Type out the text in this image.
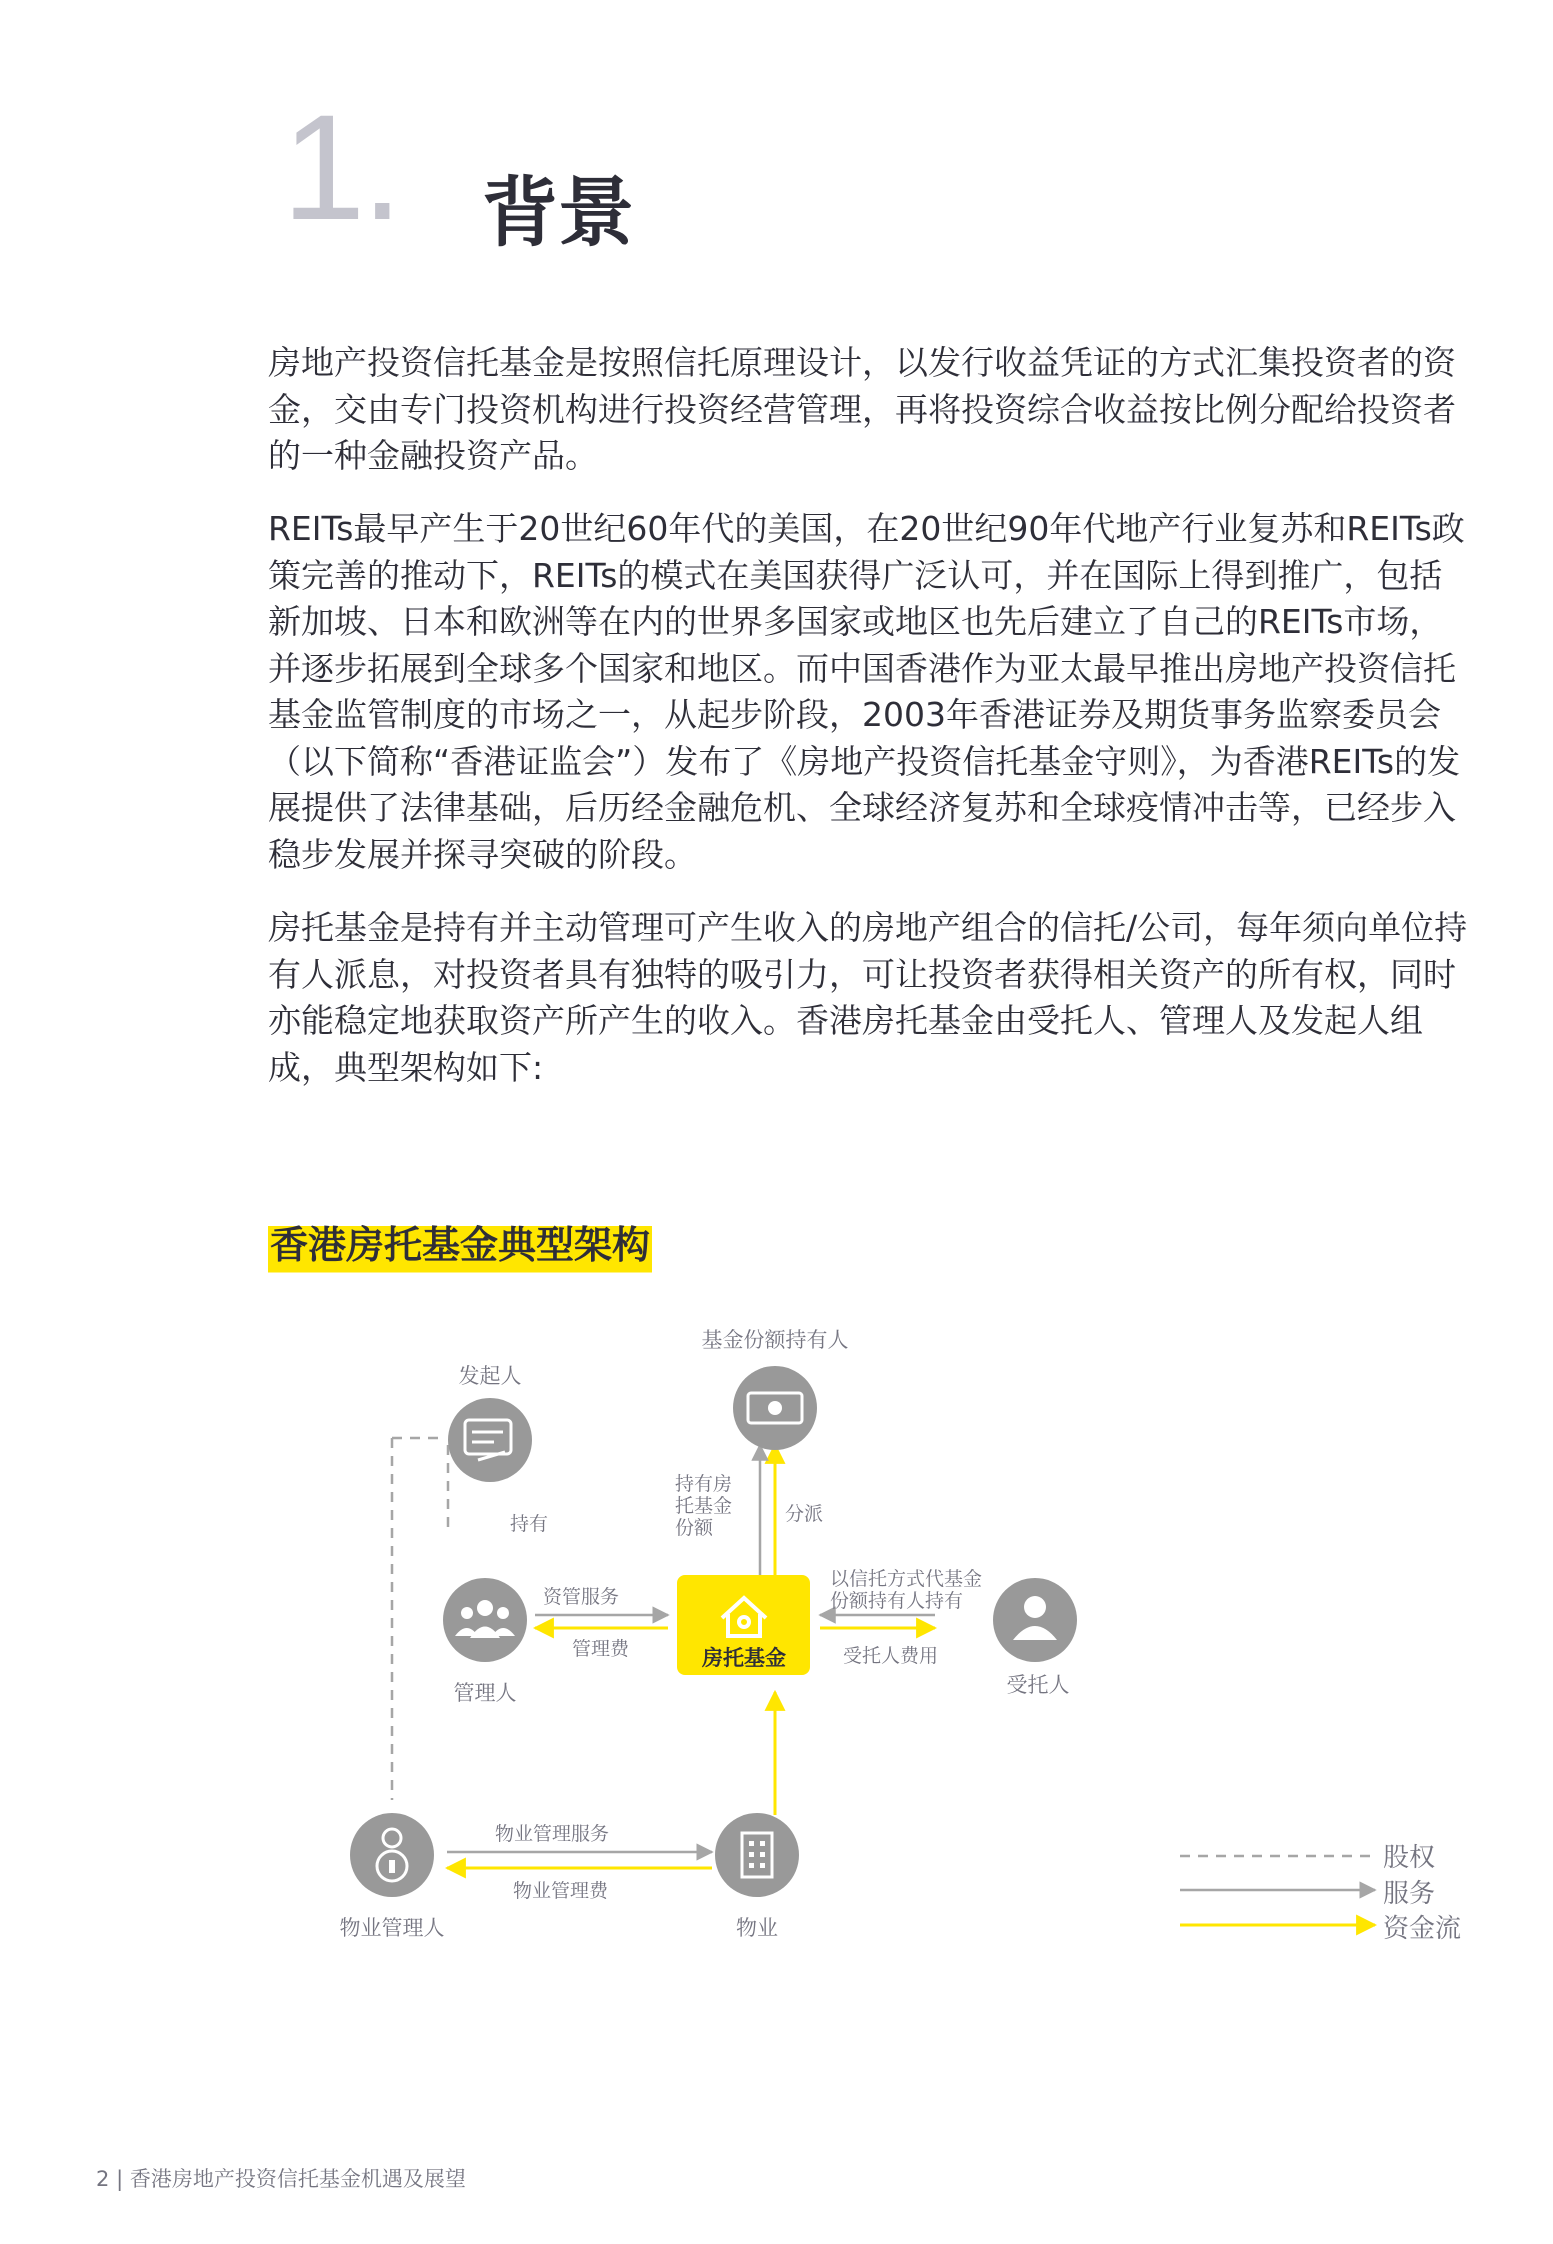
1. 背景

房地产投资信托基金是按照信托原理设计，以发行收益凭证的方式汇集投资者的资金，交由专门投资机构进行投资经营管理，再将投资综合收益按比例分配给投资者的一种金融投资产品。

REITs最早产生于20世纪60年代的美国，在20世纪90年代地产行业复苏和REITs政策完善的推动下，REITs的模式在美国获得广泛认可，并在国际上得到推广，包括新加坡、日本和欧洲等在内的世界多国家或地区也先后建立了自己的REITs市场，并逐步拓展到全球多个国家和地区。而中国香港作为亚太最早推出房地产投资信托基金监管制度的市场之一，从起步阶段，2003年香港证券及期货事务监察委员会（以下简称“香港证监会”）发布了《房地产投资信托基金守则》，为香港REITs的发展提供了法律基础，后历经金融危机、全球经济复苏和全球疫情冲击等，已经步入稳步发展并探寻突破的阶段。

房托基金是持有并主动管理可产生收入的房地产组合的信托/公司，每年须向单位持有人派息，对投资者具有独特的吸引力，可让投资者获得相关资产的所有权，同时亦能稳定地获取资产所产生的收入。香港房托基金由受托人、管理人及发起人组成，典型架构如下:

香港房托基金典型架构
发起人
基金份额持有人
管理人	受托人
物业管理人	物业
房托基金
持有
持有房
托基金
份额
分派
资管服务
管理费
以信托方式代基金
份额持有人持有
受托人费用
物业管理服务
物业管理费
股权
服务
资金流
2 | 香港房地产投资信托基金机遇及展望
